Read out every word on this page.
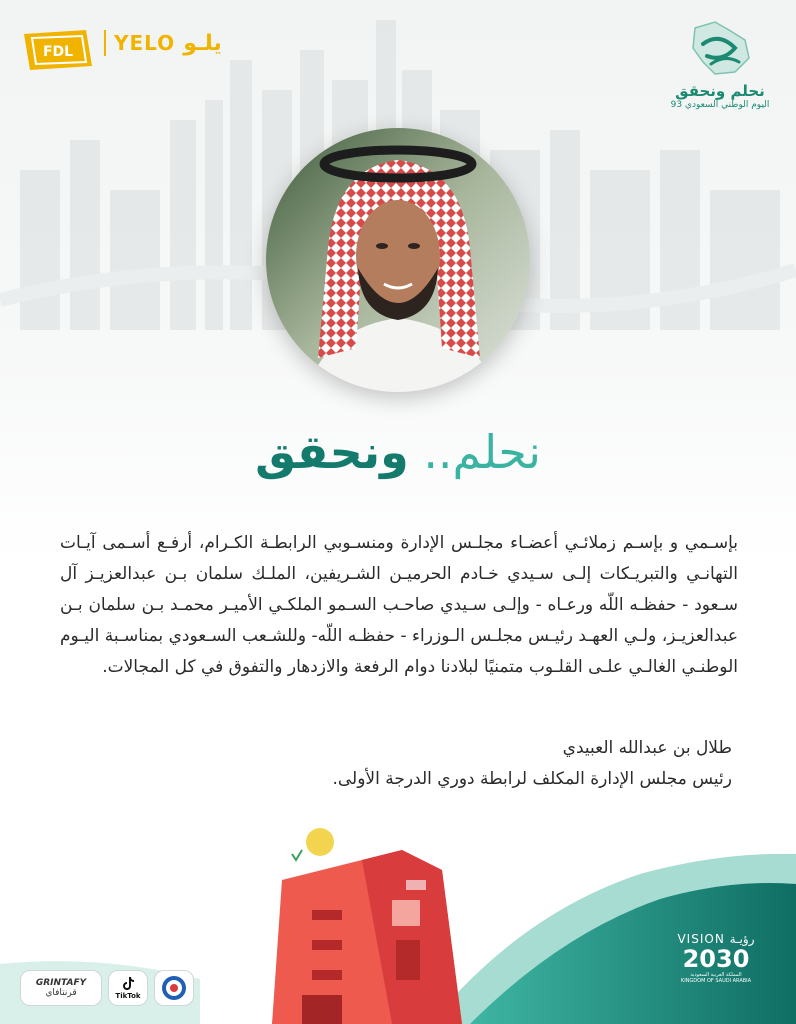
FDL YELO يلـو
نحلم ونحقق
اليوم الوطني السعودي 93
نحلم.. ونحقق
بإسـمي و بإسـم زملائـي أعضـاء مجلـس الإدارة ومنسـوبي الرابطـة الكـرام، أرفـع أسـمى آيـات التهانـي والتبريـكات إلـى سـيدي خـادم الحرميـن الشـريفين، الملـك سلمان بـن عبدالعزيـز آل سـعود - حفظـه اللّه ورعـاه - وإلـى سـيدي صاحـب السـمو الملكـي الأميـر محمـد بـن سلمان بـن عبدالعزيـز، ولـي العهـد رئيـس مجلـس الـوزراء - حفظـه اللّه- وللشـعب السـعودي بمناسـبة اليـوم الوطنـي الغالـي علـى القلـوب متمنيًا لبلادنا دوام الرفعة والازدهار والتفوق في كل المجالات.
طلال بن عبدالله العبيدي
رئيس مجلس الإدارة المكلف لرابطة دوري الدرجة الأولى.
VISION رؤيـة
2030
المملكة العربية السعودية
KINGDOM OF SAUDI ARABIA
GRINTAFY
قرنتافاي	TikTok
